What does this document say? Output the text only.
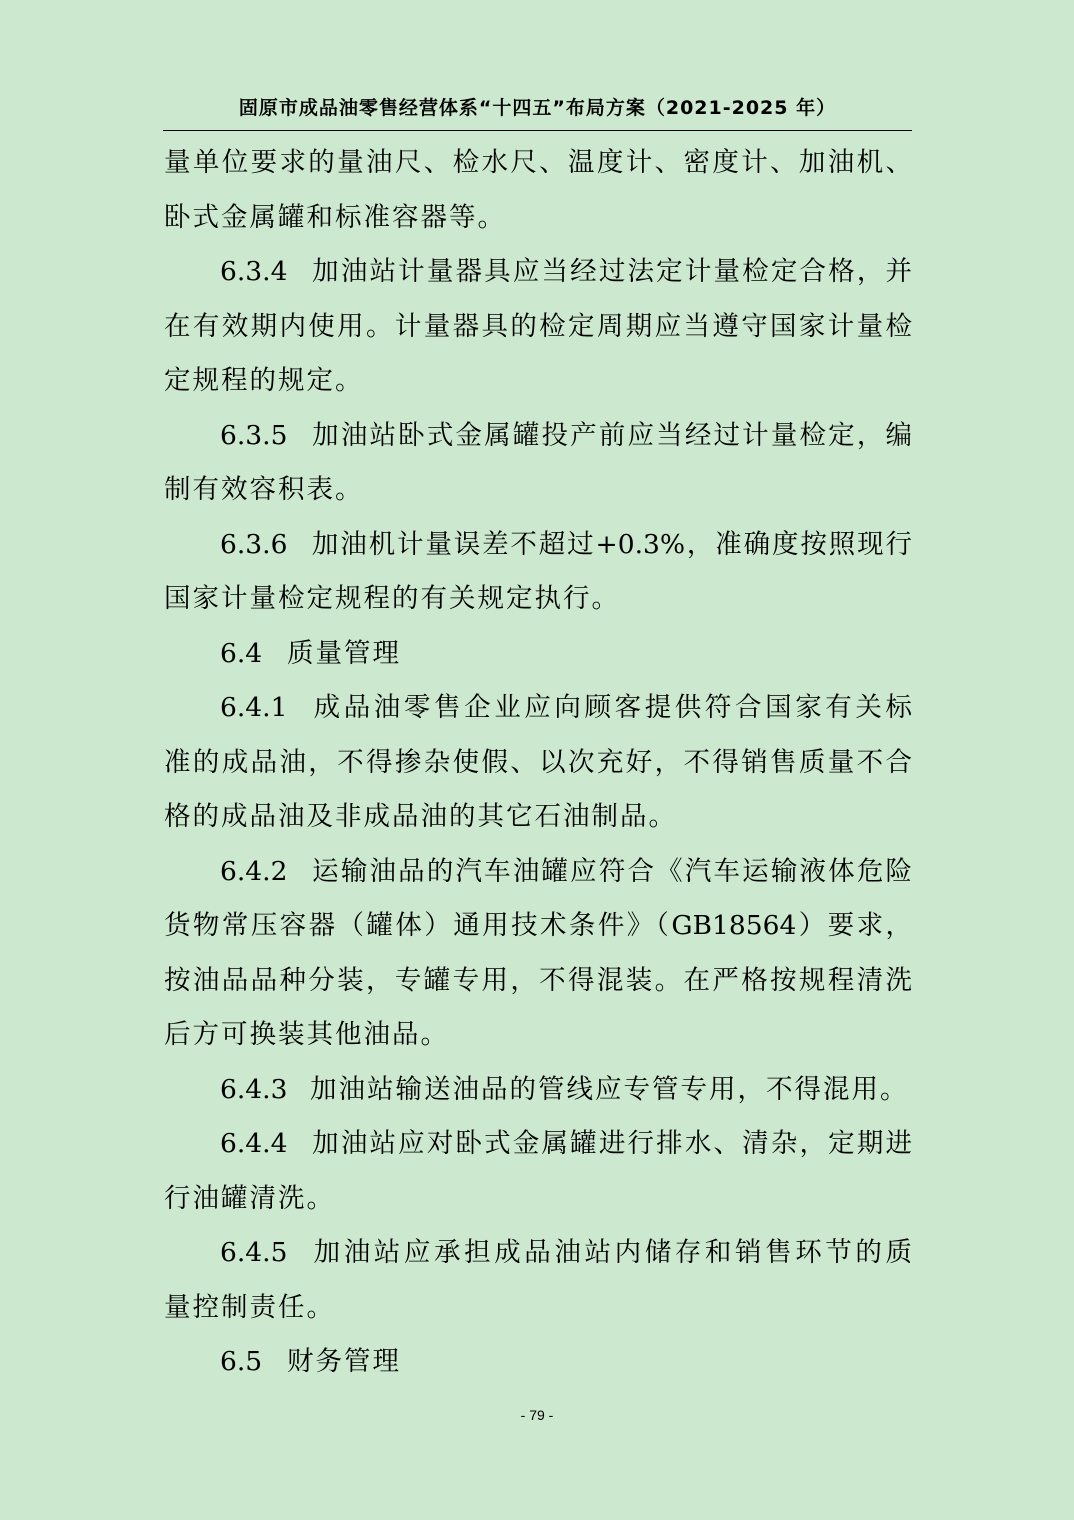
固原市成品油零售经营体系“十四五”布局方案（2021-2025 年）
量单位要求的量油尺、检水尺、温度计、密度计、加油机、
卧式金属罐和标准容器等。
6.3.4 加油站计量器具应当经过法定计量检定合格，并
在有效期内使用。计量器具的检定周期应当遵守国家计量检
定规程的规定。
6.3.5 加油站卧式金属罐投产前应当经过计量检定，编
制有效容积表。
6.3.6 加油机计量误差不超过+0.3%，准确度按照现行
国家计量检定规程的有关规定执行。
6.4 质量管理
6.4.1 成品油零售企业应向顾客提供符合国家有关标
准的成品油，不得掺杂使假、以次充好，不得销售质量不合
格的成品油及非成品油的其它石油制品。
6.4.2 运输油品的汽车油罐应符合《汽车运输液体危险
货物常压容器（罐体）通用技术条件》（GB18564）要求，
按油品品种分装，专罐专用，不得混装。在严格按规程清洗
后方可换装其他油品。
6.4.3 加油站输送油品的管线应专管专用，不得混用。
6.4.4 加油站应对卧式金属罐进行排水、清杂，定期进
行油罐清洗。
6.4.5 加油站应承担成品油站内储存和销售环节的质
量控制责任。
6.5 财务管理
- 79 -
